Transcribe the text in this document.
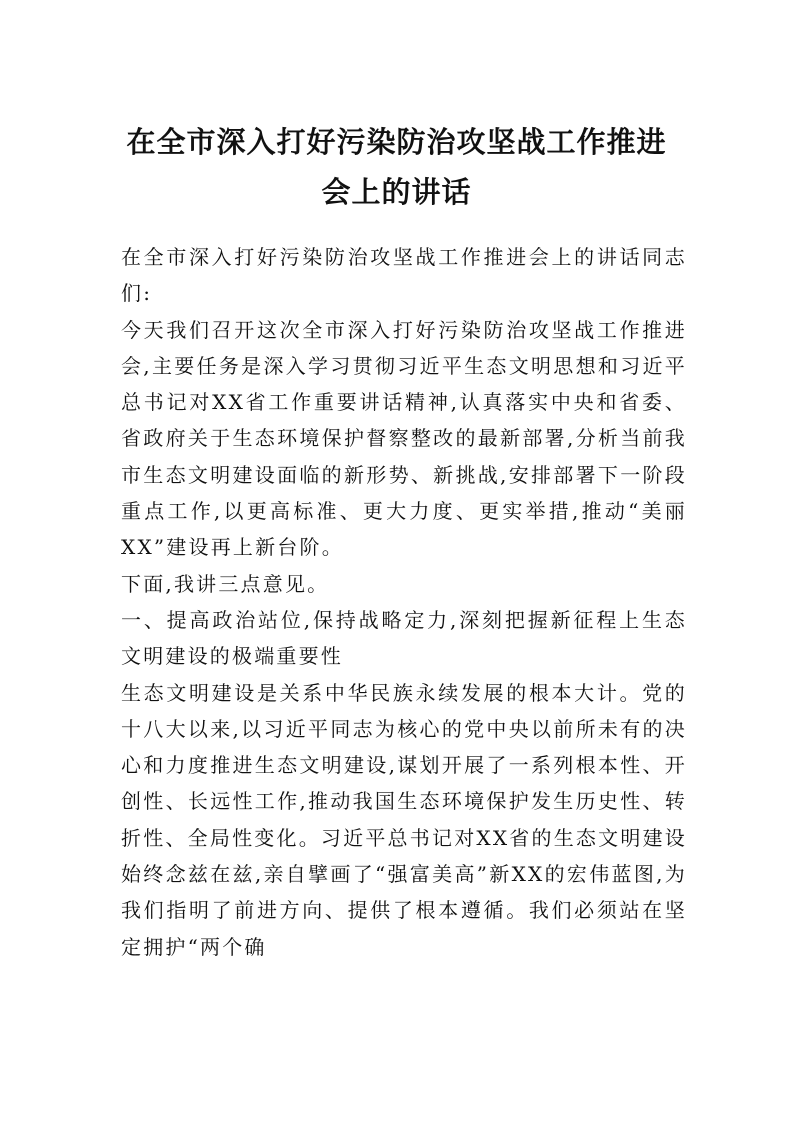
在全市深入打好污染防治攻坚战工作推进
会上的讲话

在全市深入打好污染防治攻坚战工作推进会上的讲话同志们:

今天我们召开这次全市深入打好污染防治攻坚战工作推进会,主要任务是深入学习贯彻习近平生态文明思想和习近平总书记对XX省工作重要讲话精神,认真落实中央和省委、省政府关于生态环境保护督察整改的最新部署,分析当前我市生态文明建设面临的新形势、新挑战,安排部署下一阶段重点工作,以更高标准、更大力度、更实举措,推动“美丽XX”建设再上新台阶。

下面,我讲三点意见。

一、提高政治站位,保持战略定力,深刻把握新征程上生态文明建设的极端重要性

生态文明建设是关系中华民族永续发展的根本大计。党的十八大以来,以习近平同志为核心的党中央以前所未有的决心和力度推进生态文明建设,谋划开展了一系列根本性、开创性、长远性工作,推动我国生态环境保护发生历史性、转折性、全局性变化。习近平总书记对XX省的生态文明建设始终念兹在兹,亲自擘画了“强富美高”新XX的宏伟蓝图,为我们指明了前进方向、提供了根本遵循。我们必须站在坚定拥护“两个确
